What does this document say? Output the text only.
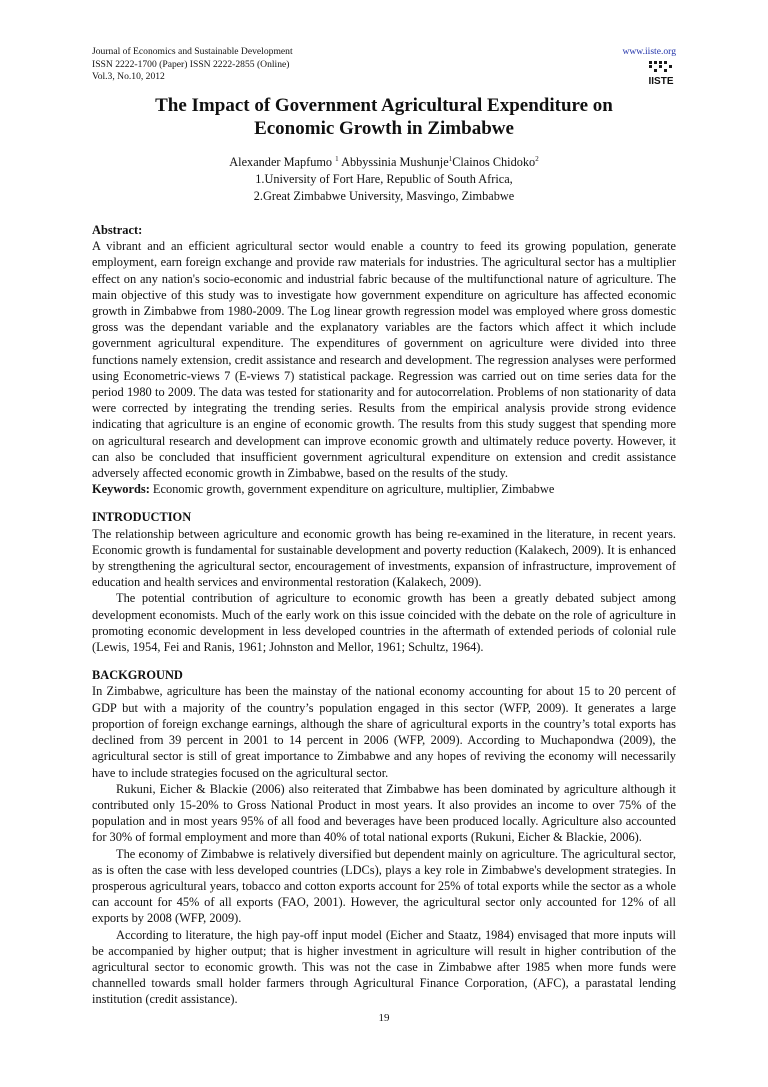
Journal of Economics and Sustainable Development
ISSN 2222-1700 (Paper) ISSN 2222-2855 (Online)
Vol.3, No.10, 2012
www.iiste.org
IISTE
The Impact of Government Agricultural Expenditure on
Economic Growth in Zimbabwe
Alexander Mapfumo $^1$ Abbyssinia Mushunje$^1$Clainos Chidoko$^2$
1.University of Fort Hare, Republic of South Africa,
2.Great Zimbabwe University, Masvingo, Zimbabwe

Abstract:

A vibrant and an efficient agricultural sector would enable a country to feed its growing population, generate employment, earn foreign exchange and provide raw materials for industries. The agricultural sector has a multiplier effect on any nation's socio-economic and industrial fabric because of the multifunctional nature of agriculture. The main objective of this study was to investigate how government expenditure on agriculture has affected economic growth in Zimbabwe from 1980-2009. The Log linear growth regression model was employed where gross domestic gross was the dependant variable and the explanatory variables are the factors which affect it which include government agricultural expenditure. The expenditures of government on agriculture were divided into three functions namely extension, credit assistance and research and development. The regression analyses were performed using Econometric-views 7 (E-views 7) statistical package. Regression was carried out on time series data for the period 1980 to 2009. The data was tested for stationarity and for autocorrelation. Problems of non stationarity of data were corrected by integrating the trending series. Results from the empirical analysis provide strong evidence indicating that agriculture is an engine of economic growth. The results from this study suggest that spending more on agricultural research and development can improve economic growth and ultimately reduce poverty. However, it can also be concluded that insufficient government agricultural expenditure on extension and credit assistance adversely affected economic growth in Zimbabwe, based on the results of the study.

Keywords: Economic growth, government expenditure on agriculture, multiplier, Zimbabwe

INTRODUCTION

The relationship between agriculture and economic growth has being re-examined in the literature, in recent years. Economic growth is fundamental for sustainable development and poverty reduction (Kalakech, 2009). It is enhanced by strengthening the agricultural sector, encouragement of investments, expansion of infrastructure, improvement of education and health services and environmental restoration (Kalakech, 2009).

The potential contribution of agriculture to economic growth has been a greatly debated subject among development economists. Much of the early work on this issue coincided with the debate on the role of agriculture in promoting economic development in less developed countries in the aftermath of extended periods of colonial rule (Lewis, 1954, Fei and Ranis, 1961; Johnston and Mellor, 1961; Schultz, 1964).

BACKGROUND

In Zimbabwe, agriculture has been the mainstay of the national economy accounting for about 15 to 20 percent of GDP but with a majority of the country’s population engaged in this sector (WFP, 2009). It generates a large proportion of foreign exchange earnings, although the share of agricultural exports in the country’s total exports has declined from 39 percent in 2001 to 14 percent in 2006 (WFP, 2009). According to Muchapondwa (2009), the agricultural sector is still of great importance to Zimbabwe and any hopes of reviving the economy will necessarily have to include strategies focused on the agricultural sector.

Rukuni, Eicher & Blackie (2006) also reiterated that Zimbabwe has been dominated by agriculture although it contributed only 15-20% to Gross National Product in most years. It also provides an income to over 75% of the population and in most years 95% of all food and beverages have been produced locally. Agriculture also accounted for 30% of formal employment and more than 40% of total national exports (Rukuni, Eicher & Blackie, 2006).

The economy of Zimbabwe is relatively diversified but dependent mainly on agriculture. The agricultural sector, as is often the case with less developed countries (LDCs), plays a key role in Zimbabwe's development strategies. In prosperous agricultural years, tobacco and cotton exports account for 25% of total exports while the sector as a whole can account for 45% of all exports (FAO, 2001). However, the agricultural sector only accounted for 12% of all exports by 2008 (WFP, 2009).

According to literature, the high pay-off input model (Eicher and Staatz, 1984) envisaged that more inputs will be accompanied by higher output; that is higher investment in agriculture will result in higher contribution of the agricultural sector to economic growth. This was not the case in Zimbabwe after 1985 when more funds were channelled towards small holder farmers through Agricultural Finance Corporation, (AFC), a parastatal lending institution (credit assistance).

19
